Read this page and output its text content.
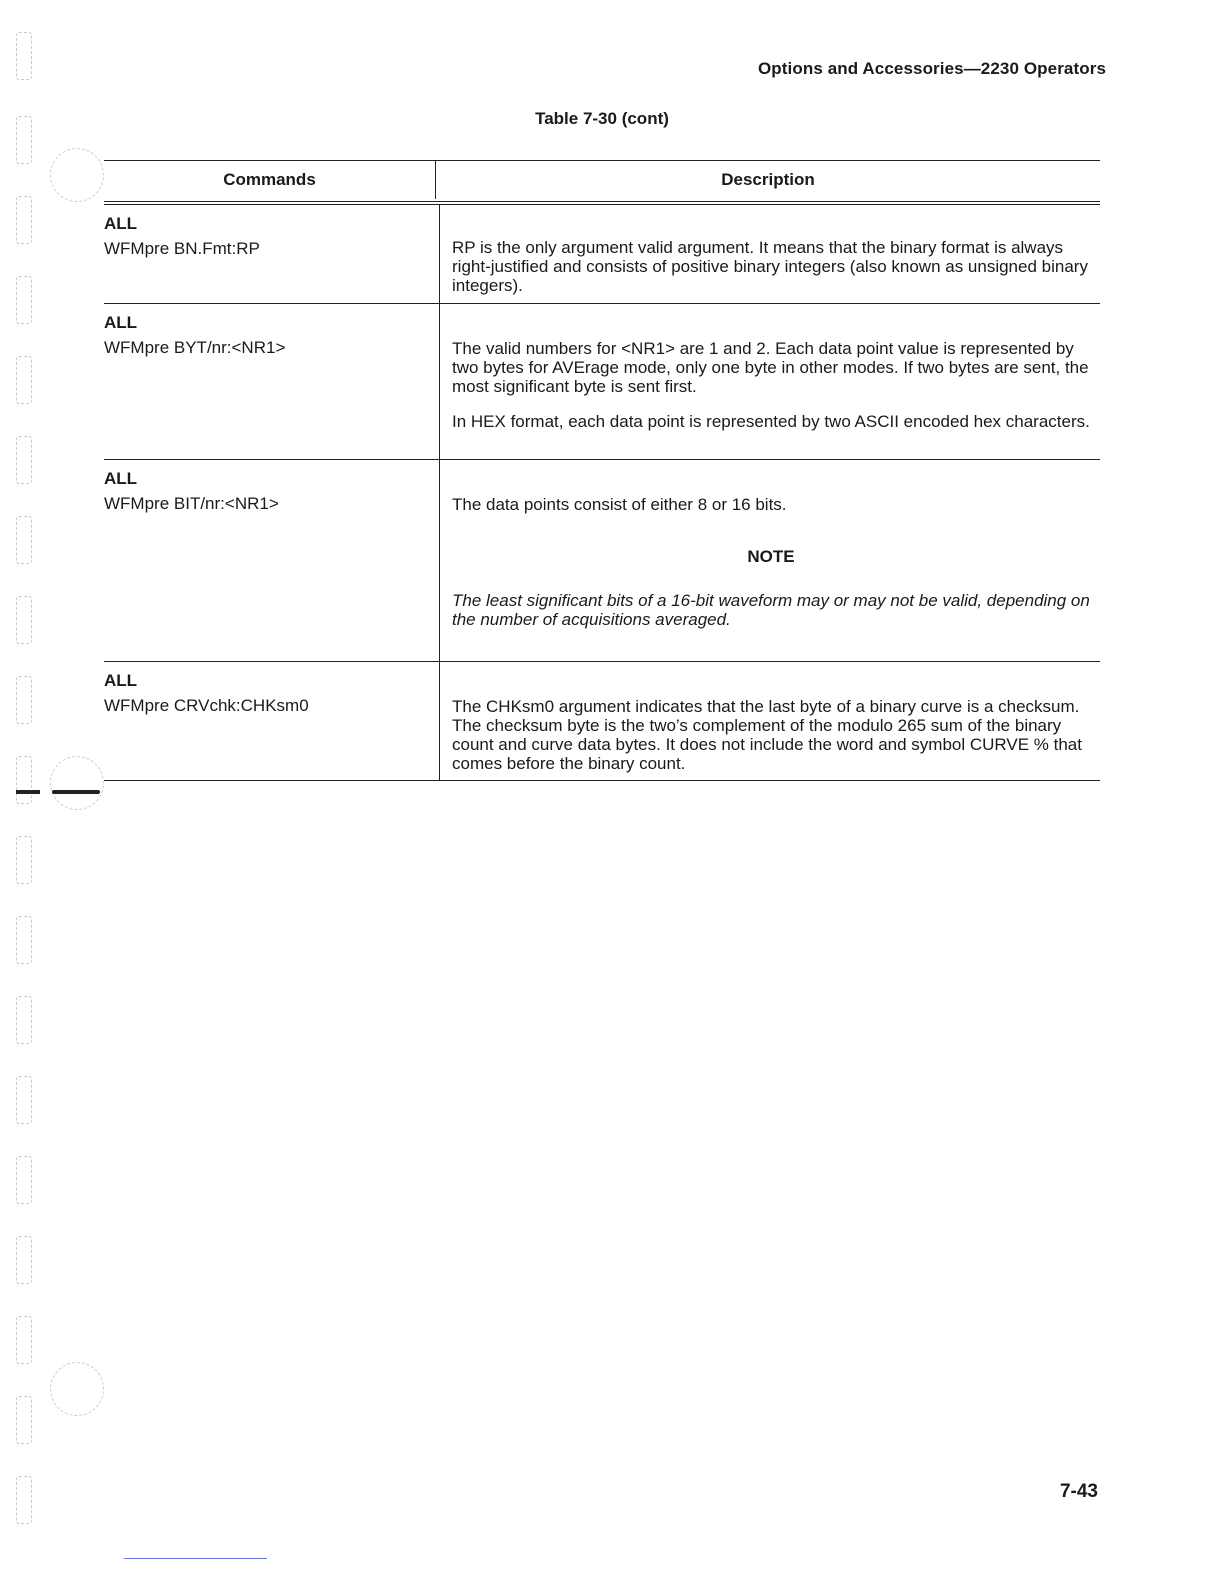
Options and Accessories—2230 Operators
Table 7-30 (cont)
Commands	Description
ALL
WFMpre BN.Fmt:RP	RP is the only argument valid argument. It means that the binary format is always right-justified and consists of positive binary integers (also known as unsigned binary integers).

ALL
WFMpre BYT/nr:<NR1>	The valid numbers for <NR1> are 1 and 2. Each data point value is represented by two bytes for AVErage mode, only one byte in other modes. If two bytes are sent, the most significant byte is sent first.

In HEX format, each data point is represented by two ASCII encoded hex characters.

ALL
WFMpre BIT/nr:<NR1>	The data points consist of either 8 or 16 bits.

NOTE

The least significant bits of a 16-bit waveform may or may not be valid, depending on the number of acquisitions averaged.

ALL
WFMpre CRVchk:CHKsm0	The CHKsm0 argument indicates that the last byte of a binary curve is a checksum. The checksum byte is the two’s complement of the modulo 265 sum of the binary count and curve data bytes. It does not include the word and symbol CURVE % that comes before the binary count.

7-43
